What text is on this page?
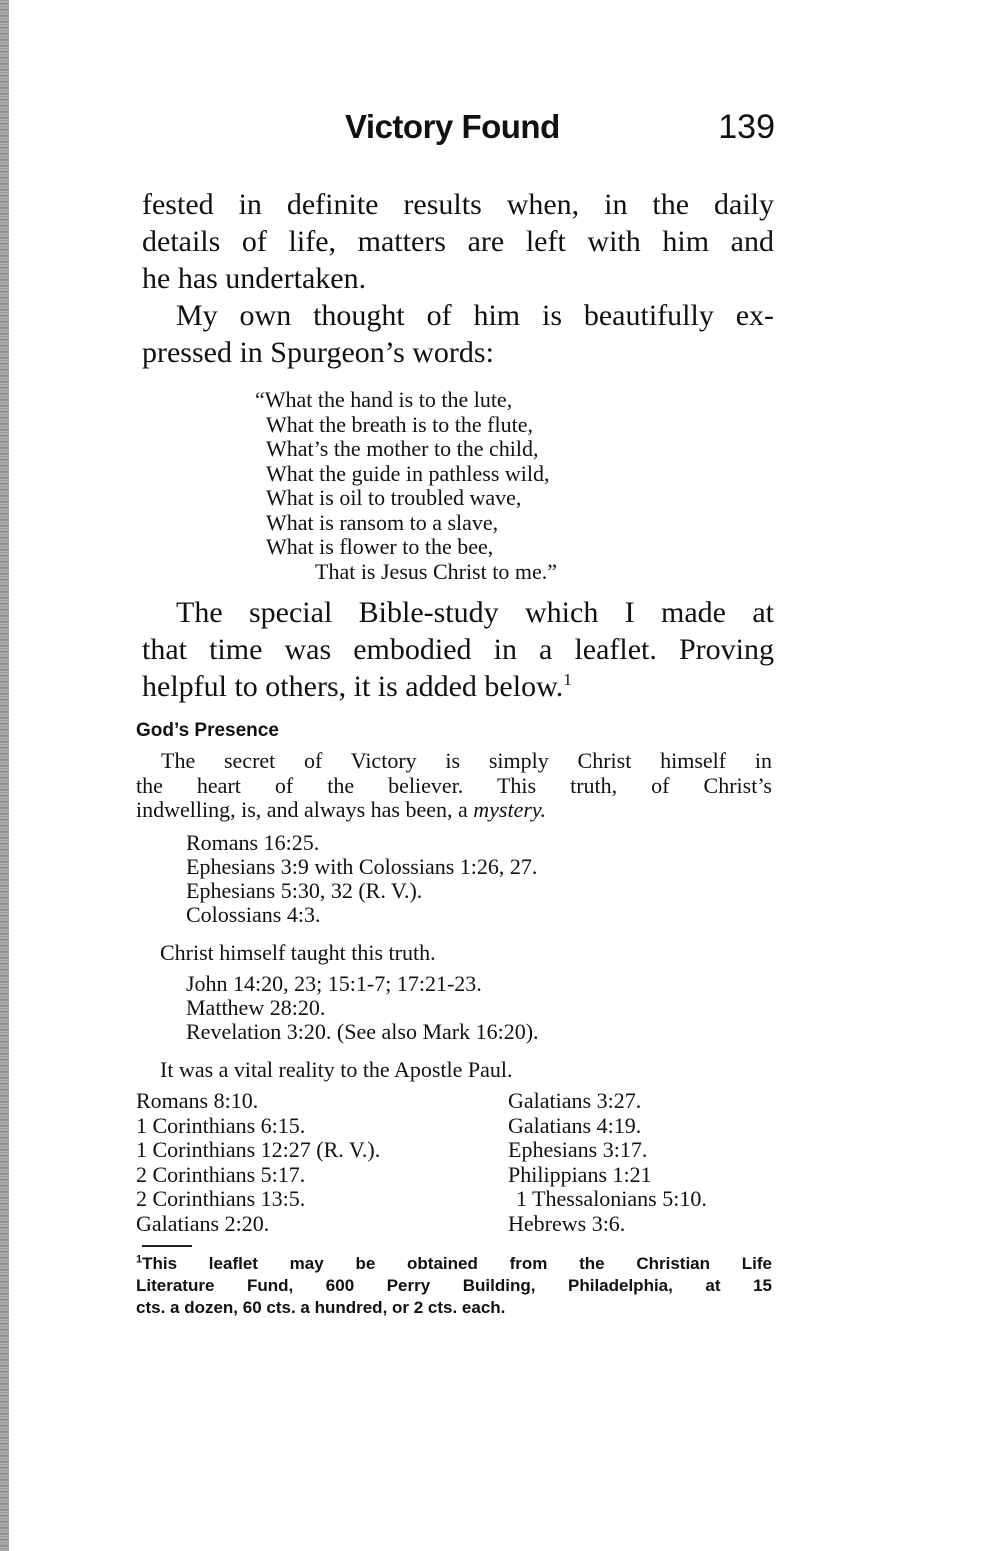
Victory Found	139
fested in definite results when, in the daily
details of life, matters are left with him and
he has undertaken.
My own thought of him is beautifully ex-
pressed in Spurgeon’s words:
“What the hand is to the lute,
What the breath is to the flute,
What’s the mother to the child,
What the guide in pathless wild,
What is oil to troubled wave,
What is ransom to a slave,
What is flower to the bee,
That is Jesus Christ to me.”
The special Bible-study which I made at
that time was embodied in a leaflet. Proving
helpful to others, it is added below.$^1$
God’s Presence
The secret of Victory is simply Christ himself in
the heart of the believer. This truth, of Christ’s
indwelling, is, and always has been, a mystery.
Romans 16:25.
Ephesians 3:9 with Colossians 1:26, 27.
Ephesians 5:30, 32 (R. V.).
Colossians 4:3.
Christ himself taught this truth.
John 14:20, 23; 15:1-7; 17:21-23.
Matthew 28:20.
Revelation 3:20. (See also Mark 16:20).
It was a vital reality to the Apostle Paul.
Romans 8:10.
1 Corinthians 6:15.
1 Corinthians 12:27 (R. V.).
2 Corinthians 5:17.
2 Corinthians 13:5.
Galatians 2:20.
Galatians 3:27.
Galatians 4:19.
Ephesians 3:17.
Philippians 1:21
1 Thessalonians 5:10.
Hebrews 3:6.
$^1$This leaflet may be obtained from the Christian Life
Literature Fund, 600 Perry Building, Philadelphia, at 15
cts. a dozen, 60 cts. a hundred, or 2 cts. each.
